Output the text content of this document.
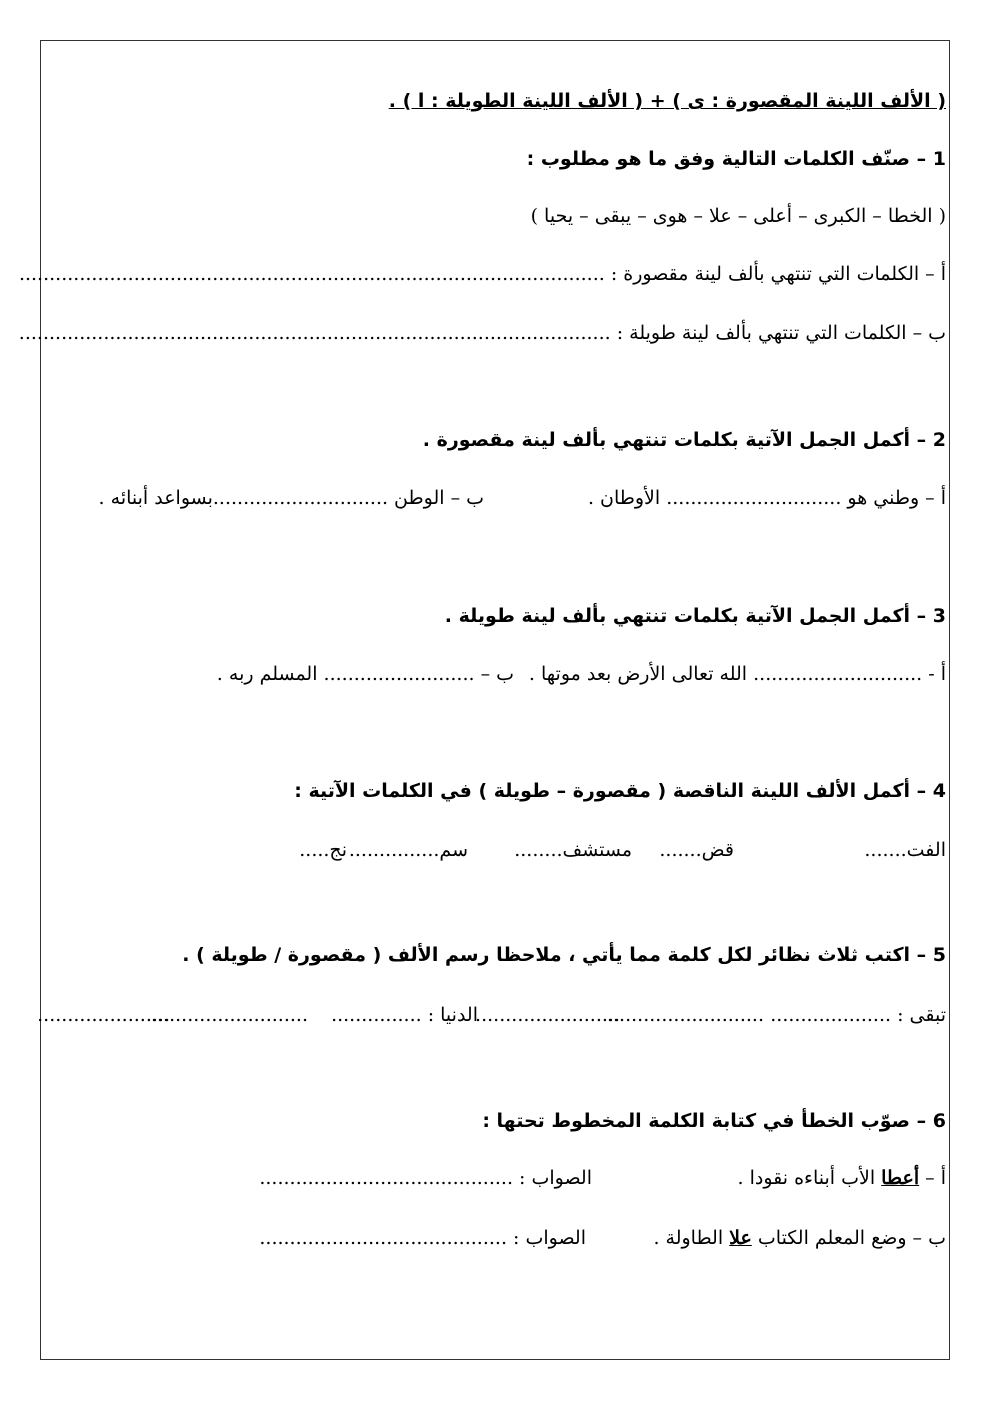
( الألف اللينة المقصورة : ى ) + ( الألف اللينة الطويلة : ا ) .
1 – صنّف الكلمات التالية وفق ما هو مطلوب :
( الخطا – الكبرى – أعلى – علا – هوى – يبقى – يحيا )
أ – الكلمات التي تنتهي بألف لينة مقصورة : .................................................................................................
ب – الكلمات التي تنتهي بألف لينة طويلة : ..................................................................................................
2 – أكمل الجمل الآتية بكلمات تنتهي بألف لينة مقصورة .
أ – وطني هو ............................. الأوطان .
ب – الوطن .............................بسواعد أبنائه .
3 – أكمل الجمل الآتية بكلمات تنتهي بألف لينة طويلة .
أ - ............................ الله تعالى الأرض بعد موتها .
ب – ......................... المسلم ربه .
4 – أكمل الألف اللينة الناقصة ( مقصورة – طويلة ) في الكلمات الآتية :
الفت.......
قض.......
مستشف........
سم...............
نج.....
5 – اكتب ثلاث نظائر لكل كلمة مما يأتي ، ملاحظا رسم الألف ( مقصورة / طويلة ) .
تبقى : ....................
..........................
........................
الدنيا : ...............
..........................
......................
6 – صوّب الخطأ في كتابة الكلمة المخطوط تحتها :
أ – أعطا الأب أبناءه نقودا .
الصواب : ..........................................
ب – وضع المعلم الكتاب علا الطاولة .
الصواب : .........................................
